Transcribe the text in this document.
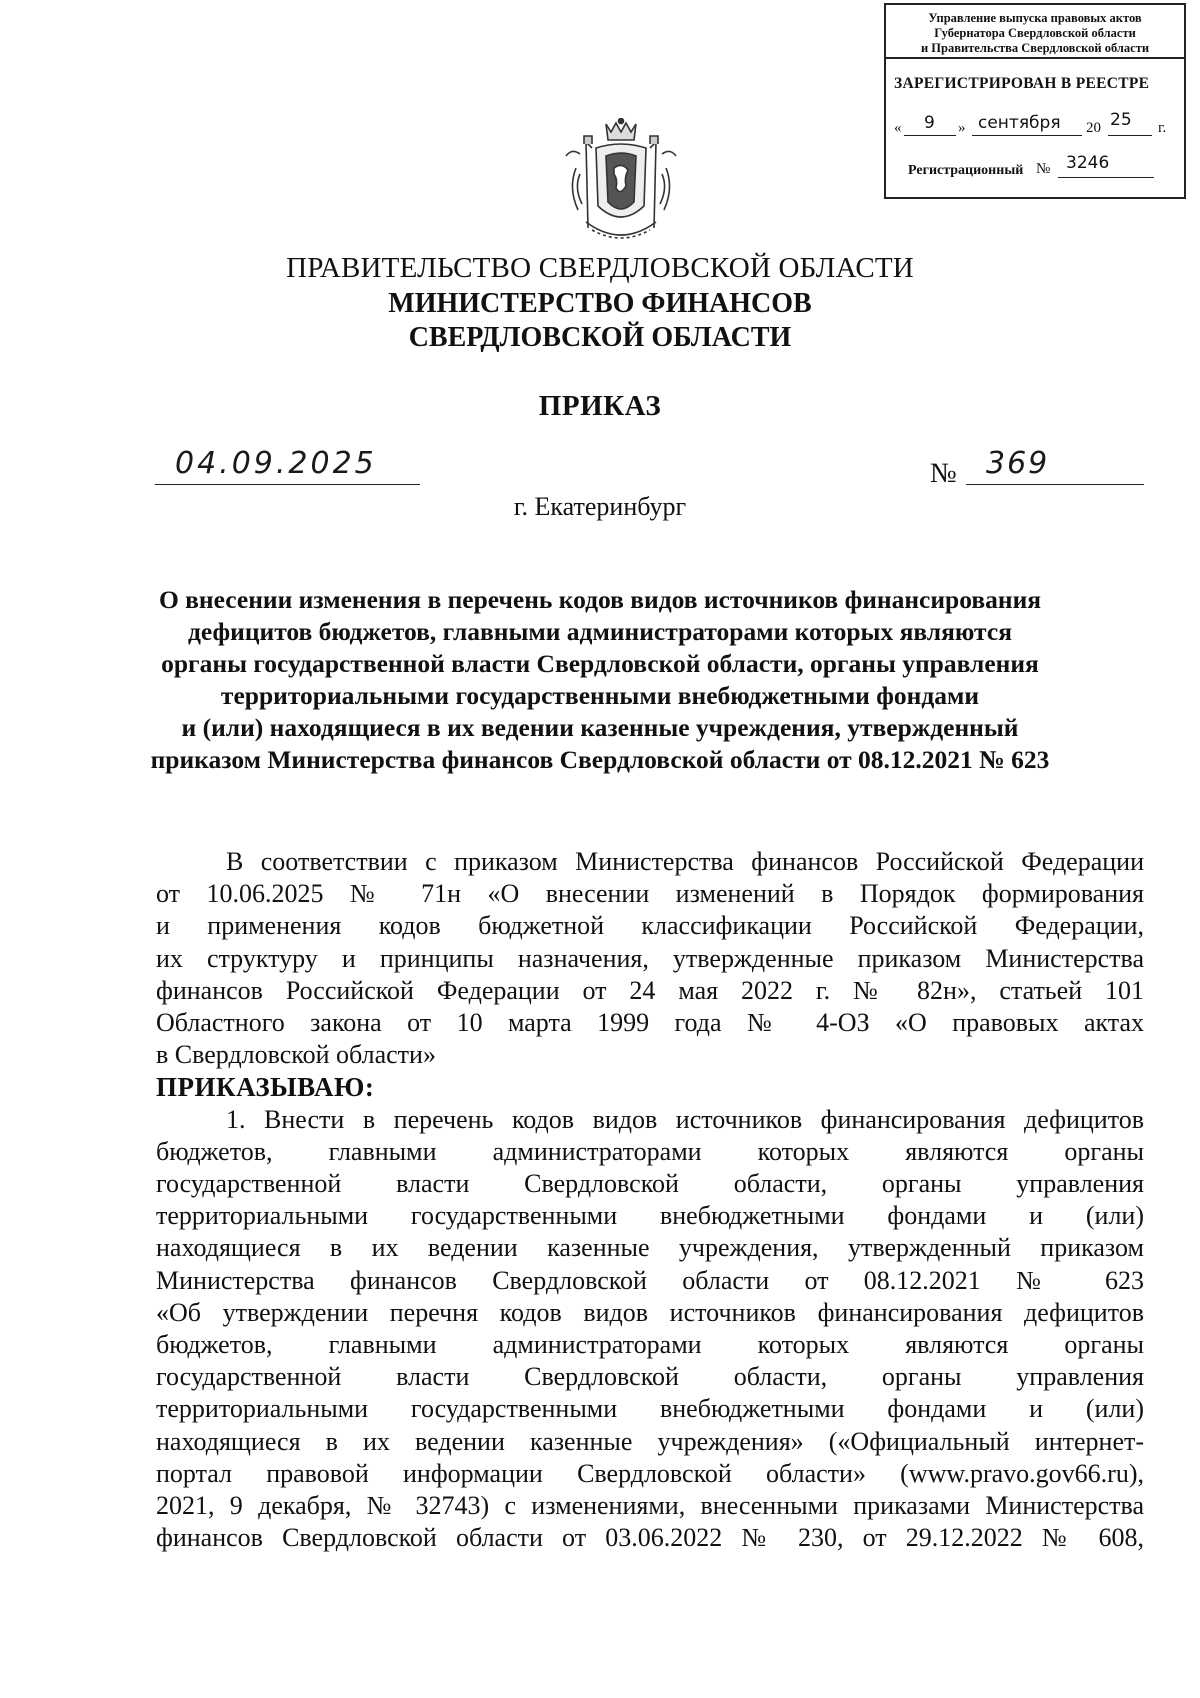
Управление выпуска правовых актов
Губернатора Свердловской области
и Правительства Свердловской области
ЗАРЕГИСТРИРОВАН В РЕЕСТРЕ
« 9 » сентября 20 25 г.
Регистрационный № 3246
ПРАВИТЕЛЬСТВО СВЕРДЛОВСКОЙ ОБЛАСТИ
МИНИСТЕРСТВО ФИНАНСОВ
СВЕРДЛОВСКОЙ ОБЛАСТИ
ПРИКАЗ
04.09.2025	№ 369
г. Екатеринбург
О внесении изменения в перечень кодов видов источников финансирования
дефицитов бюджетов, главными администраторами которых являются
органы государственной власти Свердловской области, органы управления
территориальными государственными внебюджетными фондами
и (или) находящиеся в их ведении казенные учреждения, утвержденный
приказом Министерства финансов Свердловской области от 08.12.2021 № 623
В соответствии с приказом Министерства финансов Российской Федерации
от 10.06.2025 № 71н «О внесении изменений в Порядок формирования
и применения кодов бюджетной классификации Российской Федерации,
их структуру и принципы назначения, утвержденные приказом Министерства
финансов Российской Федерации от 24 мая 2022 г. № 82н», статьей 101
Областного закона от 10 марта 1999 года № 4-ОЗ «О правовых актах
в Свердловской области»
ПРИКАЗЫВАЮ:
1. Внести в перечень кодов видов источников финансирования дефицитов
бюджетов, главными администраторами которых являются органы
государственной власти Свердловской области, органы управления
территориальными государственными внебюджетными фондами и (или)
находящиеся в их ведении казенные учреждения, утвержденный приказом
Министерства финансов Свердловской области от 08.12.2021 № 623
«Об утверждении перечня кодов видов источников финансирования дефицитов
бюджетов, главными администраторами которых являются органы
государственной власти Свердловской области, органы управления
территориальными государственными внебюджетными фондами и (или)
находящиеся в их ведении казенные учреждения» («Официальный интернет-
портал правовой информации Свердловской области» (www.pravo.gov66.ru),
2021, 9 декабря, № 32743) с изменениями, внесенными приказами Министерства
финансов Свердловской области от 03.06.2022 № 230, от 29.12.2022 № 608,
